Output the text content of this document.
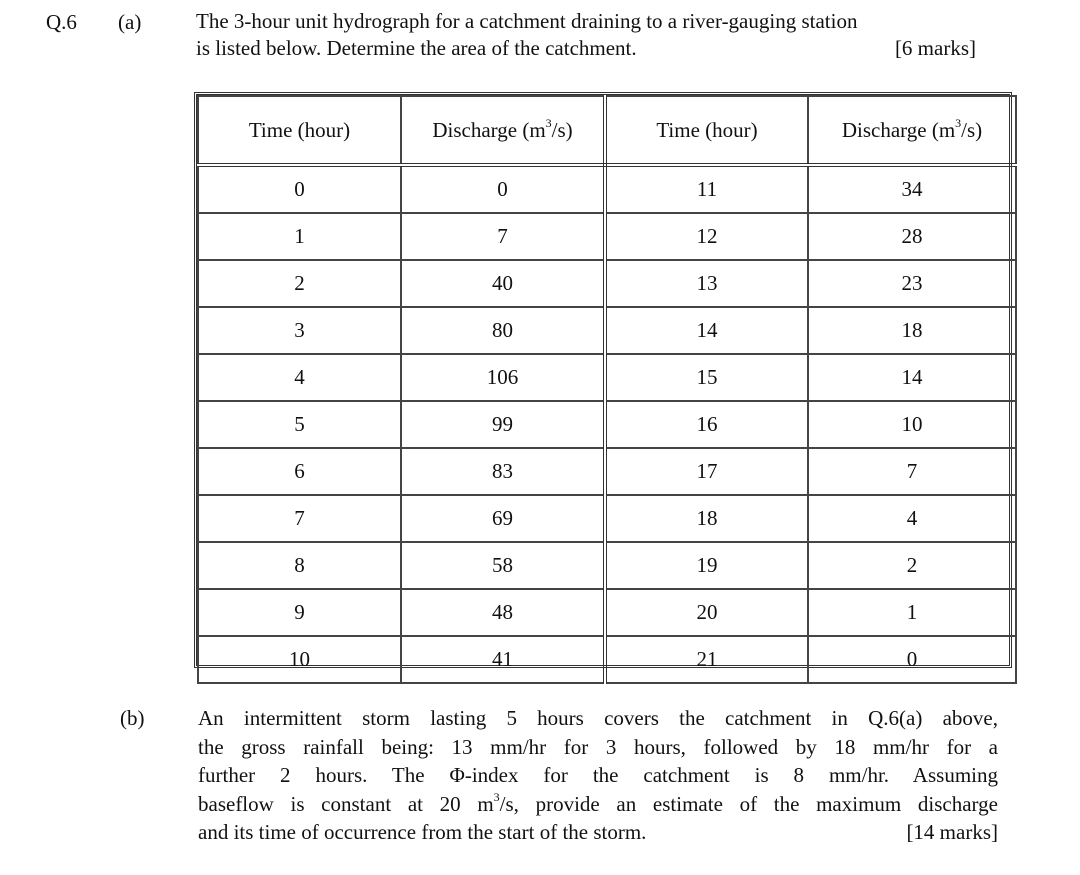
Q.6 (a)	The 3-hour unit hydrograph for a catchment draining to a river-gauging station
is listed below. Determine the area of the catchment.	[6 marks]
Time (hour)	Discharge $(m^3/s)$	Time (hour)	Discharge $(m^3/s)$
0	0	11	34
1	7	12	28
2	40	13	23
3	80	14	18
4	106	15	14
5	99	16	10
6	83	17	7
7	69	18	4
8	58	19	2
9	48	20	1
10	41	21	0
(b)	An intermittent storm lasting 5 hours covers the catchment in Q.6(a) above,
the gross rainfall being: 13 mm/hr for 3 hours, followed by 18 mm/hr for a
further 2 hours. The Φ-index for the catchment is 8 mm/hr. Assuming
baseflow is constant at 20 $m^3/s$, provide an estimate of the maximum discharge
and its time of occurrence from the start of the storm.	[14 marks]
